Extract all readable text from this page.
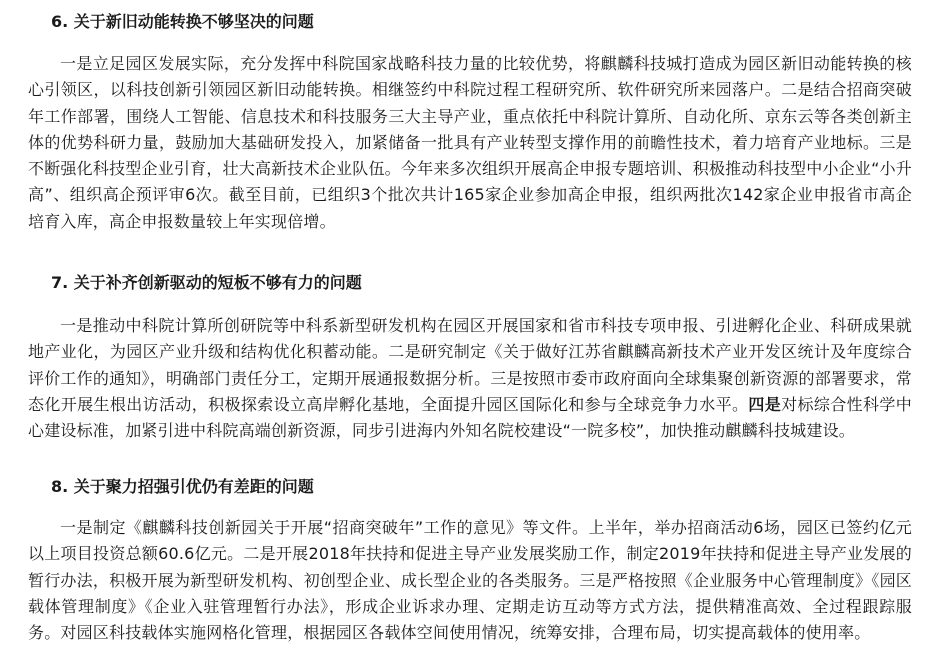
6. 关于新旧动能转换不够坚决的问题

一是立足园区发展实际，充分发挥中科院国家战略科技力量的比较优势，将麒麟科技城打造成为园区新旧动能转换的核心引领区，以科技创新引领园区新旧动能转换。相继签约中科院过程工程研究所、软件研究所来园落户。二是结合招商突破年工作部署，围绕人工智能、信息技术和科技服务三大主导产业，重点依托中科院计算所、自动化所、京东云等各类创新主体的优势科研力量，鼓励加大基础研发投入，加紧储备一批具有产业转型支撑作用的前瞻性技术，着力培育产业地标。三是不断强化科技型企业引育，壮大高新技术企业队伍。今年来多次组织开展高企申报专题培训、积极推动科技型中小企业“小升高”、组织高企预评审6次。截至目前，已组织3个批次共计165家企业参加高企申报，组织两批次142家企业申报省市高企培育入库，高企申报数量较上年实现倍增。

7. 关于补齐创新驱动的短板不够有力的问题

一是推动中科院计算所创研院等中科系新型研发机构在园区开展国家和省市科技专项申报、引进孵化企业、科研成果就地产业化，为园区产业升级和结构优化积蓄动能。二是研究制定《关于做好江苏省麒麟高新技术产业开发区统计及年度综合评价工作的通知》，明确部门责任分工，定期开展通报数据分析。三是按照市委市政府面向全球集聚创新资源的部署要求，常态化开展生根出访活动，积极探索设立高岸孵化基地，全面提升园区国际化和参与全球竞争力水平。四是对标综合性科学中心建设标准，加紧引进中科院高端创新资源，同步引进海内外知名院校建设“一院多校”，加快推动麒麟科技城建设。

8. 关于聚力招强引优仍有差距的问题

一是制定《麒麟科技创新园关于开展“招商突破年”工作的意见》等文件。上半年，举办招商活动6场，园区已签约亿元以上项目投资总额60.6亿元。二是开展2018年扶持和促进主导产业发展奖励工作，制定2019年扶持和促进主导产业发展的暂行办法，积极开展为新型研发机构、初创型企业、成长型企业的各类服务。三是严格按照《企业服务中心管理制度》《园区载体管理制度》《企业入驻管理暂行办法》，形成企业诉求办理、定期走访互动等方式方法，提供精准高效、全过程跟踪服务。对园区科技载体实施网格化管理，根据园区各载体空间使用情况，统筹安排，合理布局，切实提高载体的使用率。
